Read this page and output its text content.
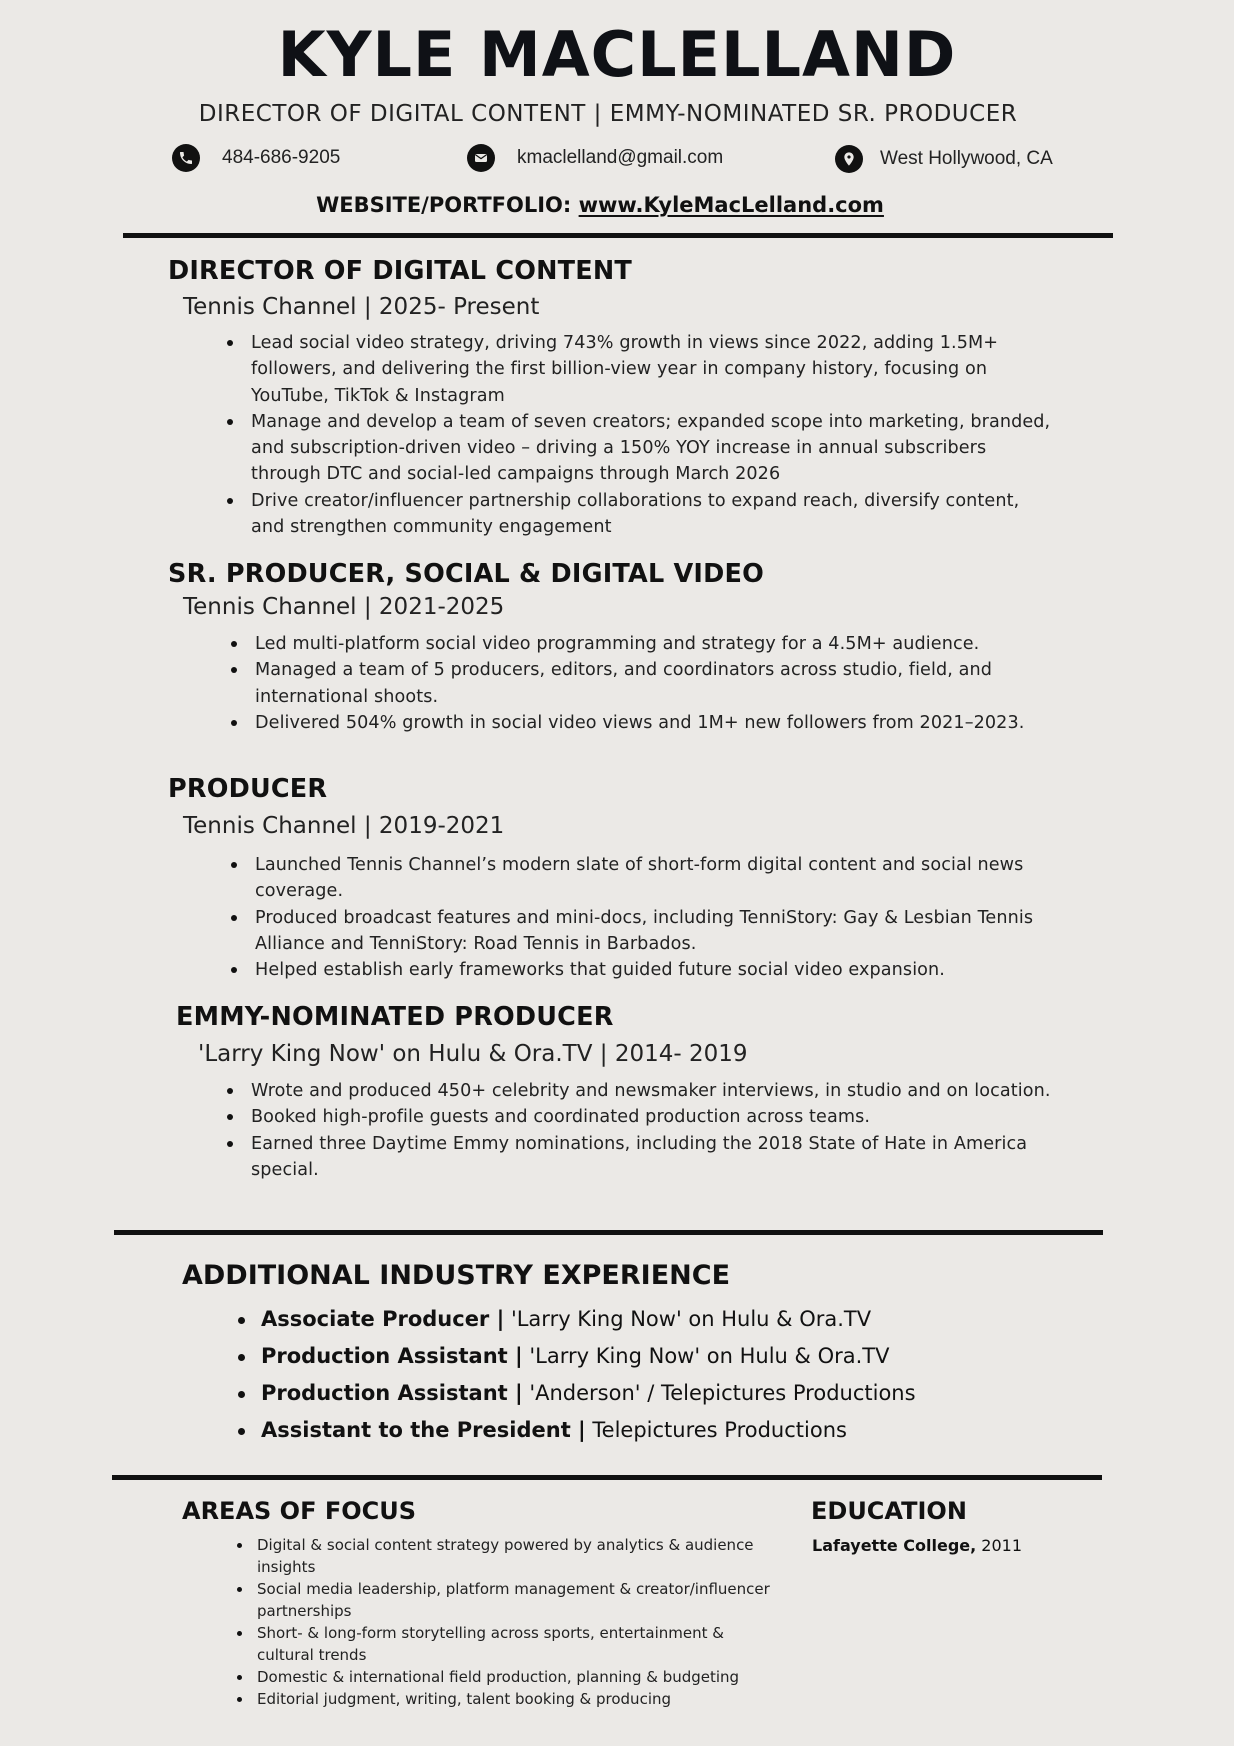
KYLE MACLELLAND
DIRECTOR OF DIGITAL CONTENT | EMMY-NOMINATED SR. PRODUCER
484-686-9205	kmaclelland@gmail.com	West Hollywood, CA
WEBSITE/PORTFOLIO: www.KyleMacLelland.com
DIRECTOR OF DIGITAL CONTENT
Tennis Channel | 2025- Present
Lead social video strategy, driving 743% growth in views since 2022, adding 1.5M+ followers, and delivering the first billion-view year in company history, focusing on YouTube, TikTok & Instagram
Manage and develop a team of seven creators; expanded scope into marketing, branded, and subscription-driven video – driving a 150% YOY increase in annual subscribers through DTC and social-led campaigns through March 2026
Drive creator/influencer partnership collaborations to expand reach, diversify content, and strengthen community engagement
SR. PRODUCER, SOCIAL & DIGITAL VIDEO
Tennis Channel | 2021-2025
Led multi-platform social video programming and strategy for a 4.5M+ audience.
Managed a team of 5 producers, editors, and coordinators across studio, field, and international shoots.
Delivered 504% growth in social video views and 1M+ new followers from 2021–2023.
PRODUCER
Tennis Channel | 2019-2021
Launched Tennis Channel’s modern slate of short-form digital content and social news coverage.
Produced broadcast features and mini-docs, including TenniStory: Gay & Lesbian Tennis Alliance and TenniStory: Road Tennis in Barbados.
Helped establish early frameworks that guided future social video expansion.
EMMY-NOMINATED PRODUCER
'Larry King Now' on Hulu & Ora.TV | 2014- 2019
Wrote and produced 450+ celebrity and newsmaker interviews, in studio and on location.
Booked high-profile guests and coordinated production across teams.
Earned three Daytime Emmy nominations, including the 2018 State of Hate in America special.
ADDITIONAL INDUSTRY EXPERIENCE
Associate Producer | 'Larry King Now' on Hulu & Ora.TV
Production Assistant | 'Larry King Now' on Hulu & Ora.TV
Production Assistant | 'Anderson' / Telepictures Productions
Assistant to the President | Telepictures Productions
AREAS OF FOCUS
Digital & social content strategy powered by analytics & audience insights
Social media leadership, platform management & creator/influencer partnerships
Short- & long-form storytelling across sports, entertainment & cultural trends
Domestic & international field production, planning & budgeting
Editorial judgment, writing, talent booking & producing
EDUCATION
Lafayette College, 2011
